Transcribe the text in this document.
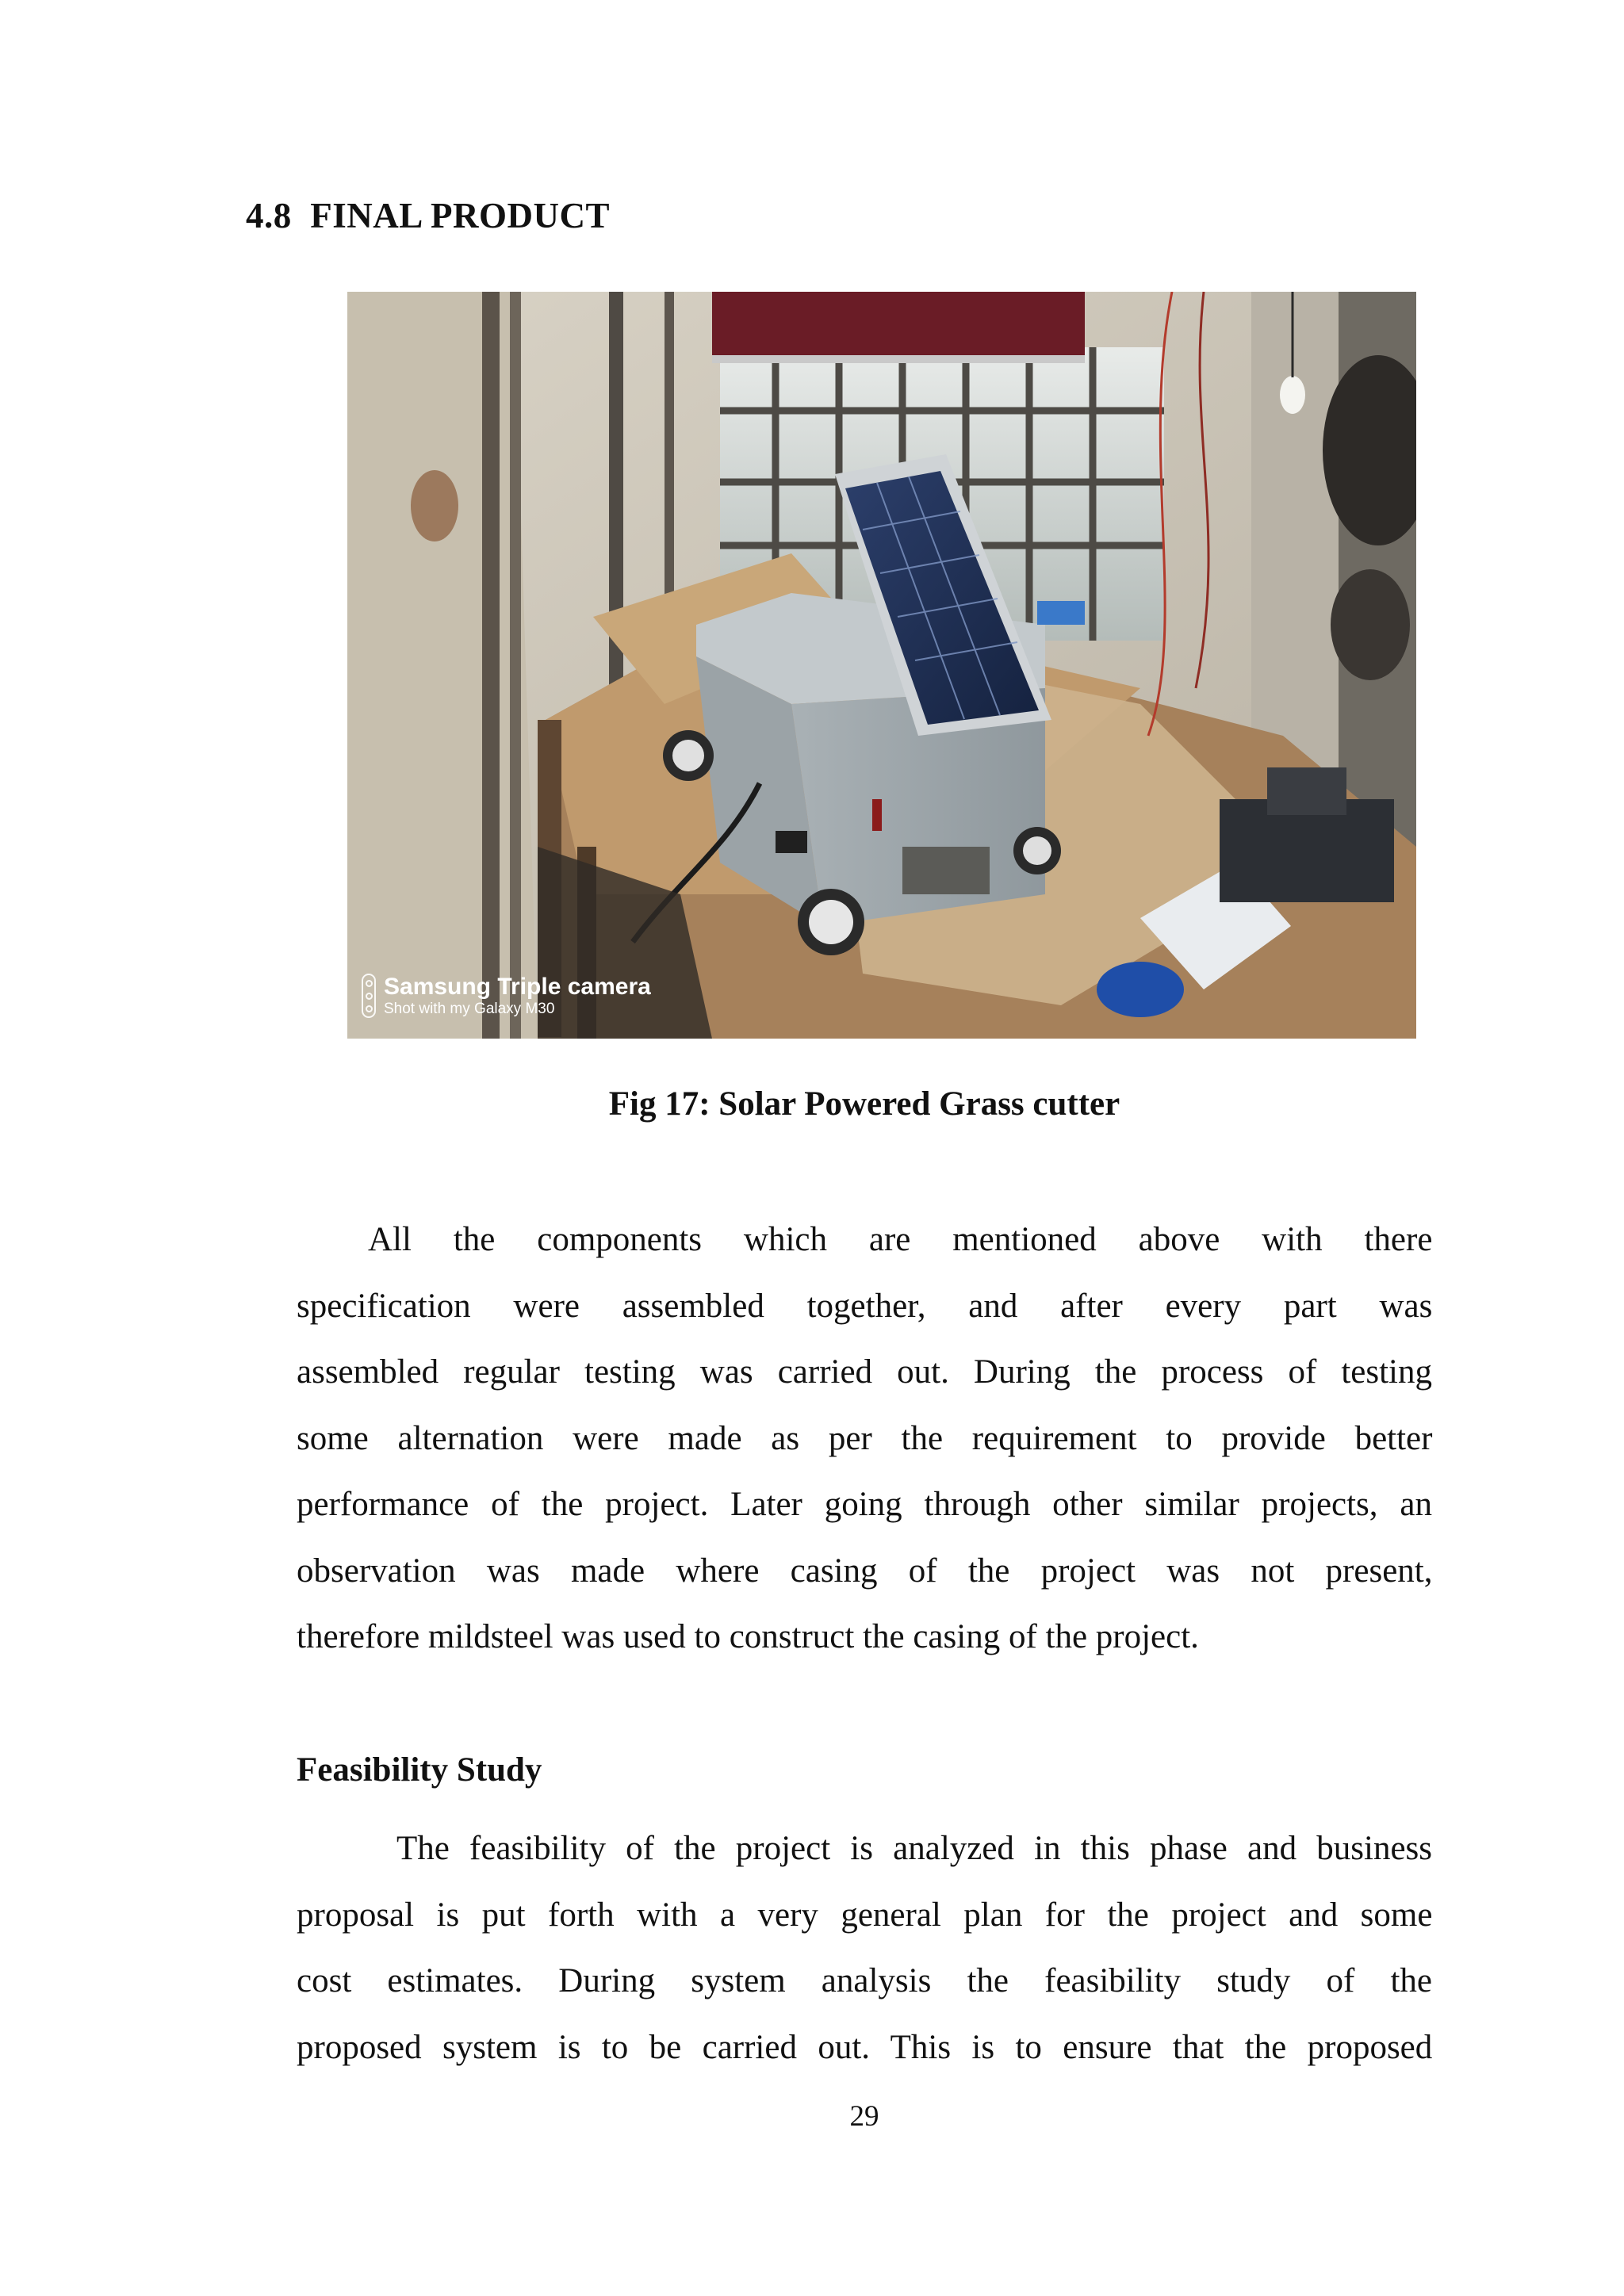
4.8 FINAL PRODUCT
Samsung Triple camera
Shot with my Galaxy M30

Fig 17: Solar Powered Grass cutter

All the components which are mentioned above with there
specification were assembled together, and after every part was
assembled regular testing was carried out. During the process of testing
some alternation were made as per the requirement to provide better
performance of the project. Later going through other similar projects, an
observation was made where casing of the project was not present,
therefore mildsteel was used to construct the casing of the project.
Feasibility Study
The feasibility of the project is analyzed in this phase and business
proposal is put forth with a very general plan for the project and some
cost estimates. During system analysis the feasibility study of the
proposed system is to be carried out. This is to ensure that the proposed
29
